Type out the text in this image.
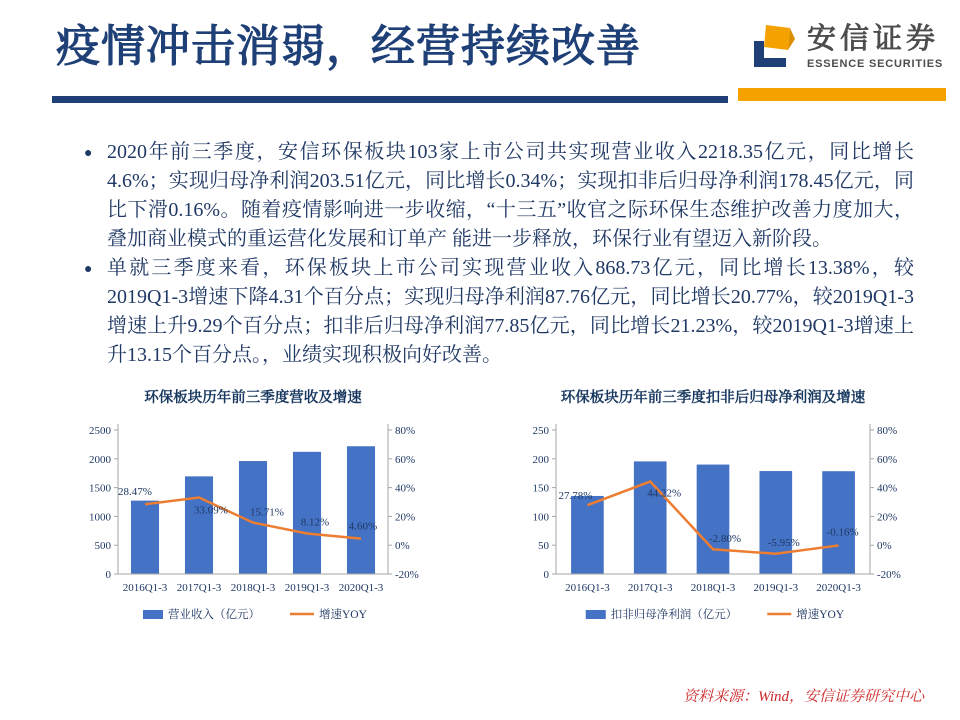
疫情冲击消弱，经营持续改善	安信证券
ESSENCE SECURITIES
● 2020年前三季度，安信环保板块103家上市公司共实现营业收入2218.35亿元，同比增长4.6%；实现归母净利润203.51亿元，同比增长0.34%；实现扣非后归母净利润178.45亿元，同比下滑0.16%。随着疫情影响进一步收缩，“十三五”收官之际环保生态维护改善力度加大，叠加商业模式的重运营化发展和订单产 能进一步释放，环保行业有望迈入新阶段。
● 单就三季度来看，环保板块上市公司实现营业收入868.73亿元，同比增长13.38%，较2019Q1-3增速下降4.31个百分点；实现归母净利润87.76亿元，同比增长20.77%，较2019Q1-3增速上升9.29个百分点；扣非后归母净利润77.85亿元，同比增长21.23%，较2019Q1-3增速上升13.15个百分点。，业绩实现积极向好改善。
环保板块历年前三季度营收及增速
0
500
1000
1500
2000
2500
-20%
0%
20%
40%
60%
80%
2016Q1-3 2017Q1-3 2018Q1-3 2019Q1-3 2020Q1-3
28.47%
33.09% 15.71%
8.12% 4.60%
营业收入（亿元）	增速YOY
环保板块历年前三季度扣非后归母净利润及增速
0
50
100
150
200
250
-20%
0%
20%
40%
60%
80%
2016Q1-3 2017Q1-3 2018Q1-3 2019Q1-3 2020Q1-3
27.78%	44.22%
-2.80% -5.95%
-0.16%
扣非归母净利润（亿元）	增速YOY
资料来源：Wind，安信证券研究中心
